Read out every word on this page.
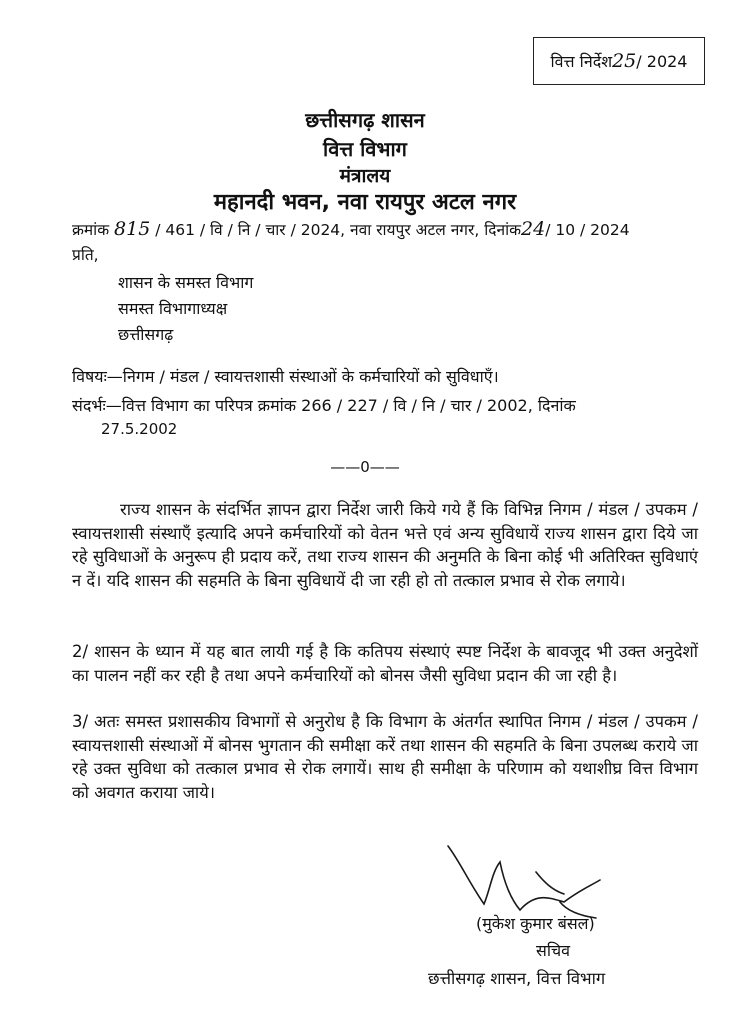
वित्त निर्देश 25 / 2024
छत्तीसगढ़ शासन
वित्त विभाग
मंत्रालय
महानदी भवन, नवा रायपुर अटल नगर
क्रमांक 815 / 461 / वि / नि / चार / 2024, नवा रायपुर अटल नगर, दिनांक24/ 10 / 2024
प्रति,
शासन के समस्त विभाग
समस्त विभागाध्यक्ष
छत्तीसगढ़
विषयः—निगम / मंडल / स्वायत्तशासी संस्थाओं के कर्मचारियों को सुविधाएँ।
संदर्भः—वित्त विभाग का परिपत्र क्रमांक 266 / 227 / वि / नि / चार / 2002, दिनांक
27.5.2002
——0——

राज्य शासन के संदर्भित ज्ञापन द्वारा निर्देश जारी किये गये हैं कि विभिन्न निगम / मंडल / उपकम / स्वायत्तशासी संस्थाएँ इत्यादि अपने कर्मचारियों को वेतन भत्ते एवं अन्य सुविधायें राज्य शासन द्वारा दिये जा रहे सुविधाओं के अनुरूप ही प्रदाय करें, तथा राज्य शासन की अनुमति के बिना कोई भी अतिरिक्त सुविधाएं न दें। यदि शासन की सहमति के बिना सुविधायें दी जा रही हो तो तत्काल प्रभाव से रोक लगाये।

2/ शासन के ध्यान में यह बात लायी गई है कि कतिपय संस्थाएं स्पष्ट निर्देश के बावजूद भी उक्त अनुदेशों का पालन नहीं कर रही है तथा अपने कर्मचारियों को बोनस जैसी सुविधा प्रदान की जा रही है।

3/ अतः समस्त प्रशासकीय विभागों से अनुरोध है कि विभाग के अंतर्गत स्थापित निगम / मंडल / उपकम / स्वायत्तशासी संस्थाओं में बोनस भुगतान की समीक्षा करें तथा शासन की सहमति के बिना उपलब्ध कराये जा रहे उक्त सुविधा को तत्काल प्रभाव से रोक लगायें। साथ ही समीक्षा के परिणाम को यथाशीघ्र वित्त विभाग को अवगत कराया जाये।

(मुकेश कुमार बंसल)
सचिव
छत्तीसगढ़ शासन, वित्त विभाग
